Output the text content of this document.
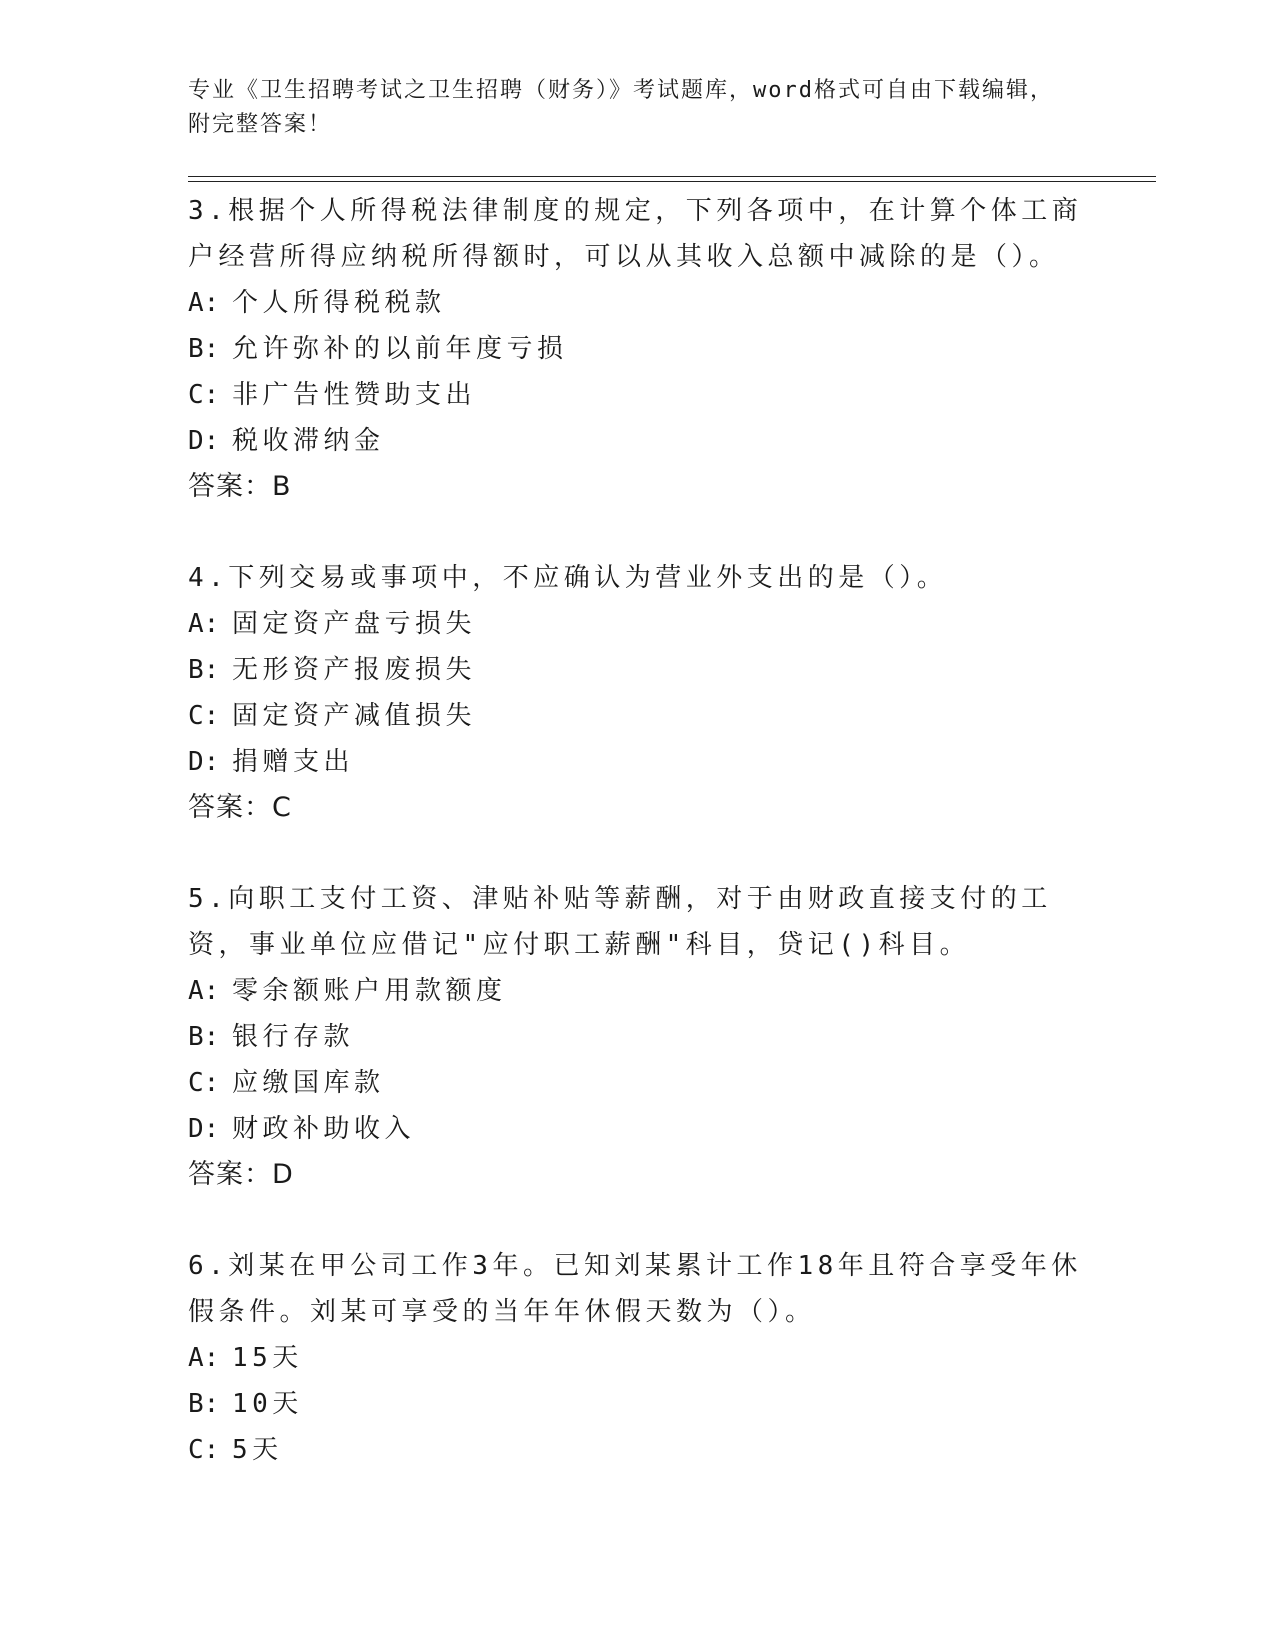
专业《卫生招聘考试之卫生招聘（财务）》考试题库，word格式可自由下载编辑，附完整答案！

3.根据个人所得税法律制度的规定，下列各项中，在计算个体工商户经营所得应纳税所得额时，可以从其收入总额中减除的是（）。

A: 个人所得税税款

B: 允许弥补的以前年度亏损

C: 非广告性赞助支出

D: 税收滞纳金

答案：B

4.下列交易或事项中，不应确认为营业外支出的是（）。

A: 固定资产盘亏损失

B: 无形资产报废损失

C: 固定资产减值损失

D: 捐赠支出

答案：C

5.向职工支付工资、津贴补贴等薪酬，对于由财政直接支付的工资，事业单位应借记"应付职工薪酬"科目，贷记()科目。

A: 零余额账户用款额度

B: 银行存款

C: 应缴国库款

D: 财政补助收入

答案：D

6.刘某在甲公司工作3年。已知刘某累计工作18年且符合享受年休假条件。刘某可享受的当年年休假天数为（）。

A: 15天

B: 10天

C: 5天
